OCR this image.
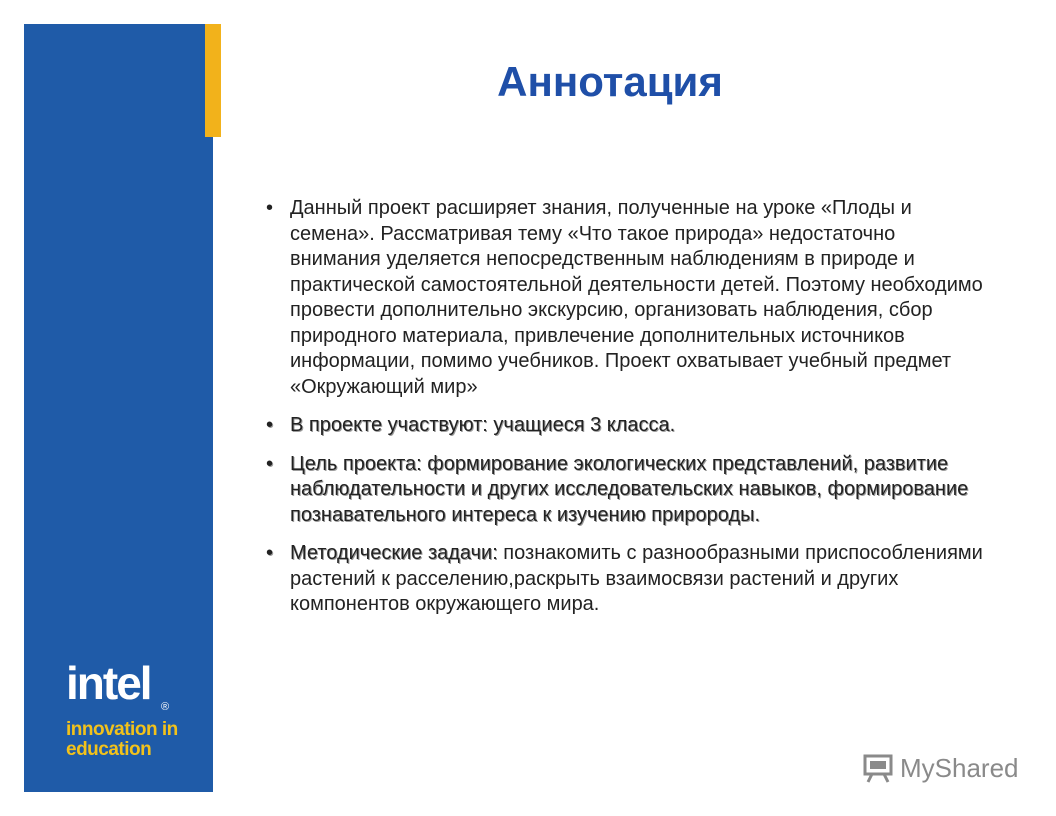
intel ®
innovation in
education
Аннотация
• Данный проект расширяет знания, полученные на уроке «Плоды и семена». Рассматривая тему «Что такое природа» недостаточно внимания уделяется непосредственным наблюдениям в природе и практической самостоятельной деятельности детей. Поэтому необходимо провести дополнительно экскурсию, организовать наблюдения, сбор природного материала, привлечение дополнительных источников информации, помимо учебников. Проект охватывает учебный предмет «Окружающий мир»
• В проекте участвуют: учащиеся 3 класса.
• Цель проекта: формирование экологических представлений, развитие наблюдательности и других исследовательских навыков, формирование познавательного интереса к изучению приророды.
• Методические задачи: познакомить с разнообразными приспособлениями растений к расселению,раскрыть взаимосвязи растений и других компонентов окружающего мира.
MyShared
